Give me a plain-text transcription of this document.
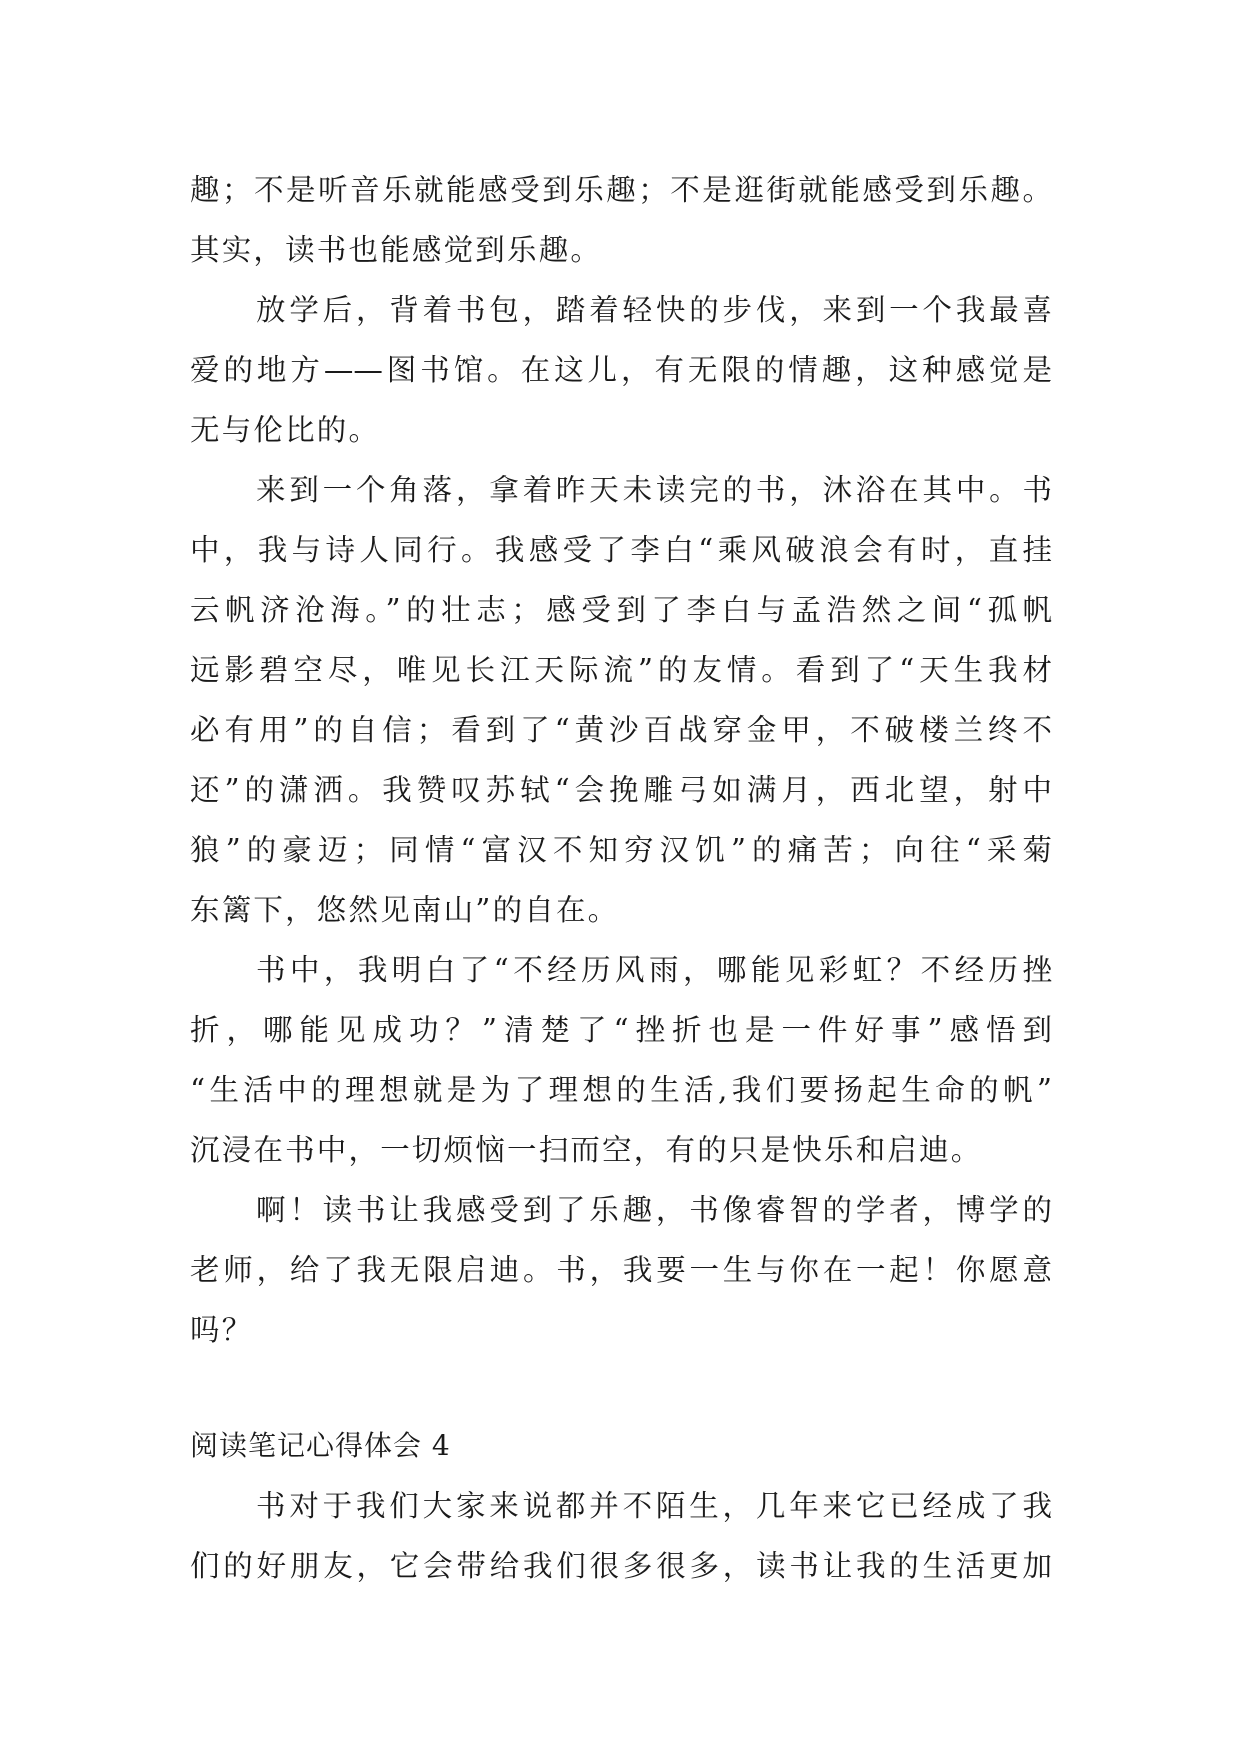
趣；不是听音乐就能感受到乐趣；不是逛街就能感受到乐趣。
其实，读书也能感觉到乐趣。
放学后，背着书包，踏着轻快的步伐，来到一个我最喜
爱的地方——图书馆。在这儿，有无限的情趣，这种感觉是
无与伦比的。
来到一个角落，拿着昨天未读完的书，沐浴在其中。书
中，我与诗人同行。我感受了李白“乘风破浪会有时，直挂
云帆济沧海。”的壮志；感受到了李白与孟浩然之间“孤帆
远影碧空尽，唯见长江天际流”的友情。看到了“天生我材
必有用”的自信；看到了“黄沙百战穿金甲，不破楼兰终不
还”的潇洒。我赞叹苏轼“会挽雕弓如满月，西北望，射中
狼”的豪迈；同情“富汉不知穷汉饥”的痛苦；向往“采菊
东篱下，悠然见南山”的自在。
书中，我明白了“不经历风雨，哪能见彩虹？不经历挫
折，哪能见成功？”清楚了“挫折也是一件好事”感悟到
“生活中的理想就是为了理想的生活,我们要扬起生命的帆”
沉浸在书中，一切烦恼一扫而空，有的只是快乐和启迪。
啊！读书让我感受到了乐趣，书像睿智的学者，博学的
老师，给了我无限启迪。书，我要一生与你在一起！你愿意
吗？
阅读笔记心得体会 4
书对于我们大家来说都并不陌生，几年来它已经成了我
们的好朋友，它会带给我们很多很多，读书让我的生活更加
